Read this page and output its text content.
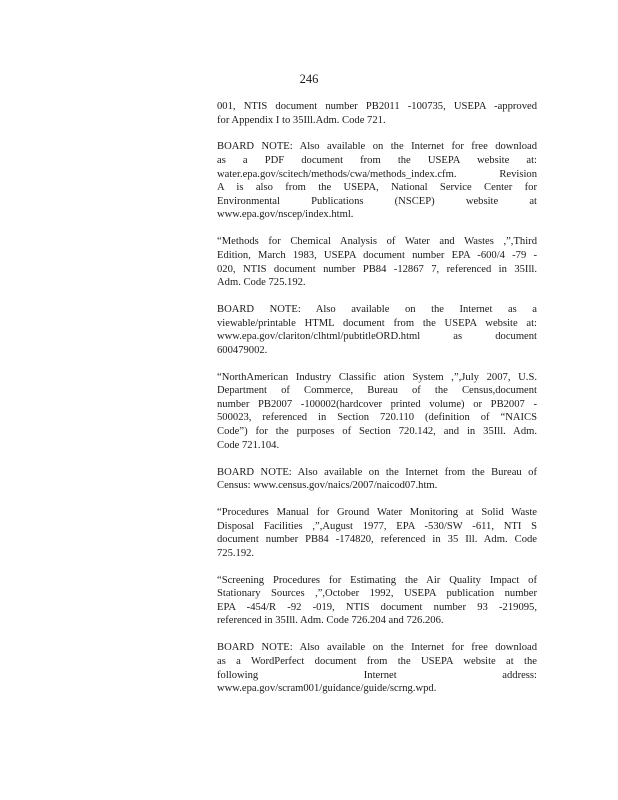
246
001, NTIS document number PB2011 -100735, USEPA -approved
for Appendix I to 35Ill.Adm. Code 721.
BOARD NOTE: Also available on the Internet for free download
as a PDF document from the USEPA website at:
water.epa.gov/scitech/methods/cwa/methods_index.cfm. Revision
A is also from the USEPA, National Service Center for
Environmental Publications (NSCEP) website at
www.epa.gov/nscep/index.html.
“Methods for Chemical Analysis of Water and Wastes ,”,Third
Edition, March 1983, USEPA document number EPA -600/4 -79 -
020, NTIS document number PB84 -12867 7, referenced in 35Ill.
Adm. Code 725.192.
BOARD NOTE: Also available on the Internet as a
viewable/printable HTML document from the USEPA website at:
www.epa.gov/clariton/clhtml/pubtitleORD.html as document
600479002.
“NorthAmerican Industry Classific ation System ,”,July 2007, U.S.
Department of Commerce, Bureau of the Census,document
number PB2007 -100002(hardcover printed volume) or PB2007 -
500023, referenced in Section 720.110 (definition of “NAICS
Code”) for the purposes of Section 720.142, and in 35Ill. Adm.
Code 721.104.
BOARD NOTE: Also available on the Internet from the Bureau of
Census: www.census.gov/naics/2007/naicod07.htm.
“Procedures Manual for Ground Water Monitoring at Solid Waste
Disposal Facilities ,”,August 1977, EPA -530/SW -611, NTI S
document number PB84 -174820, referenced in 35 Ill. Adm. Code
725.192.
“Screening Procedures for Estimating the Air Quality Impact of
Stationary Sources ,”,October 1992, USEPA publication number
EPA -454/R -92 -019, NTIS document number 93 -219095,
referenced in 35Ill. Adm. Code 726.204 and 726.206.
BOARD NOTE: Also available on the Internet for free download
as a WordPerfect document from the USEPA website at the
following Internet address:
www.epa.gov/scram001/guidance/guide/scrng.wpd.
